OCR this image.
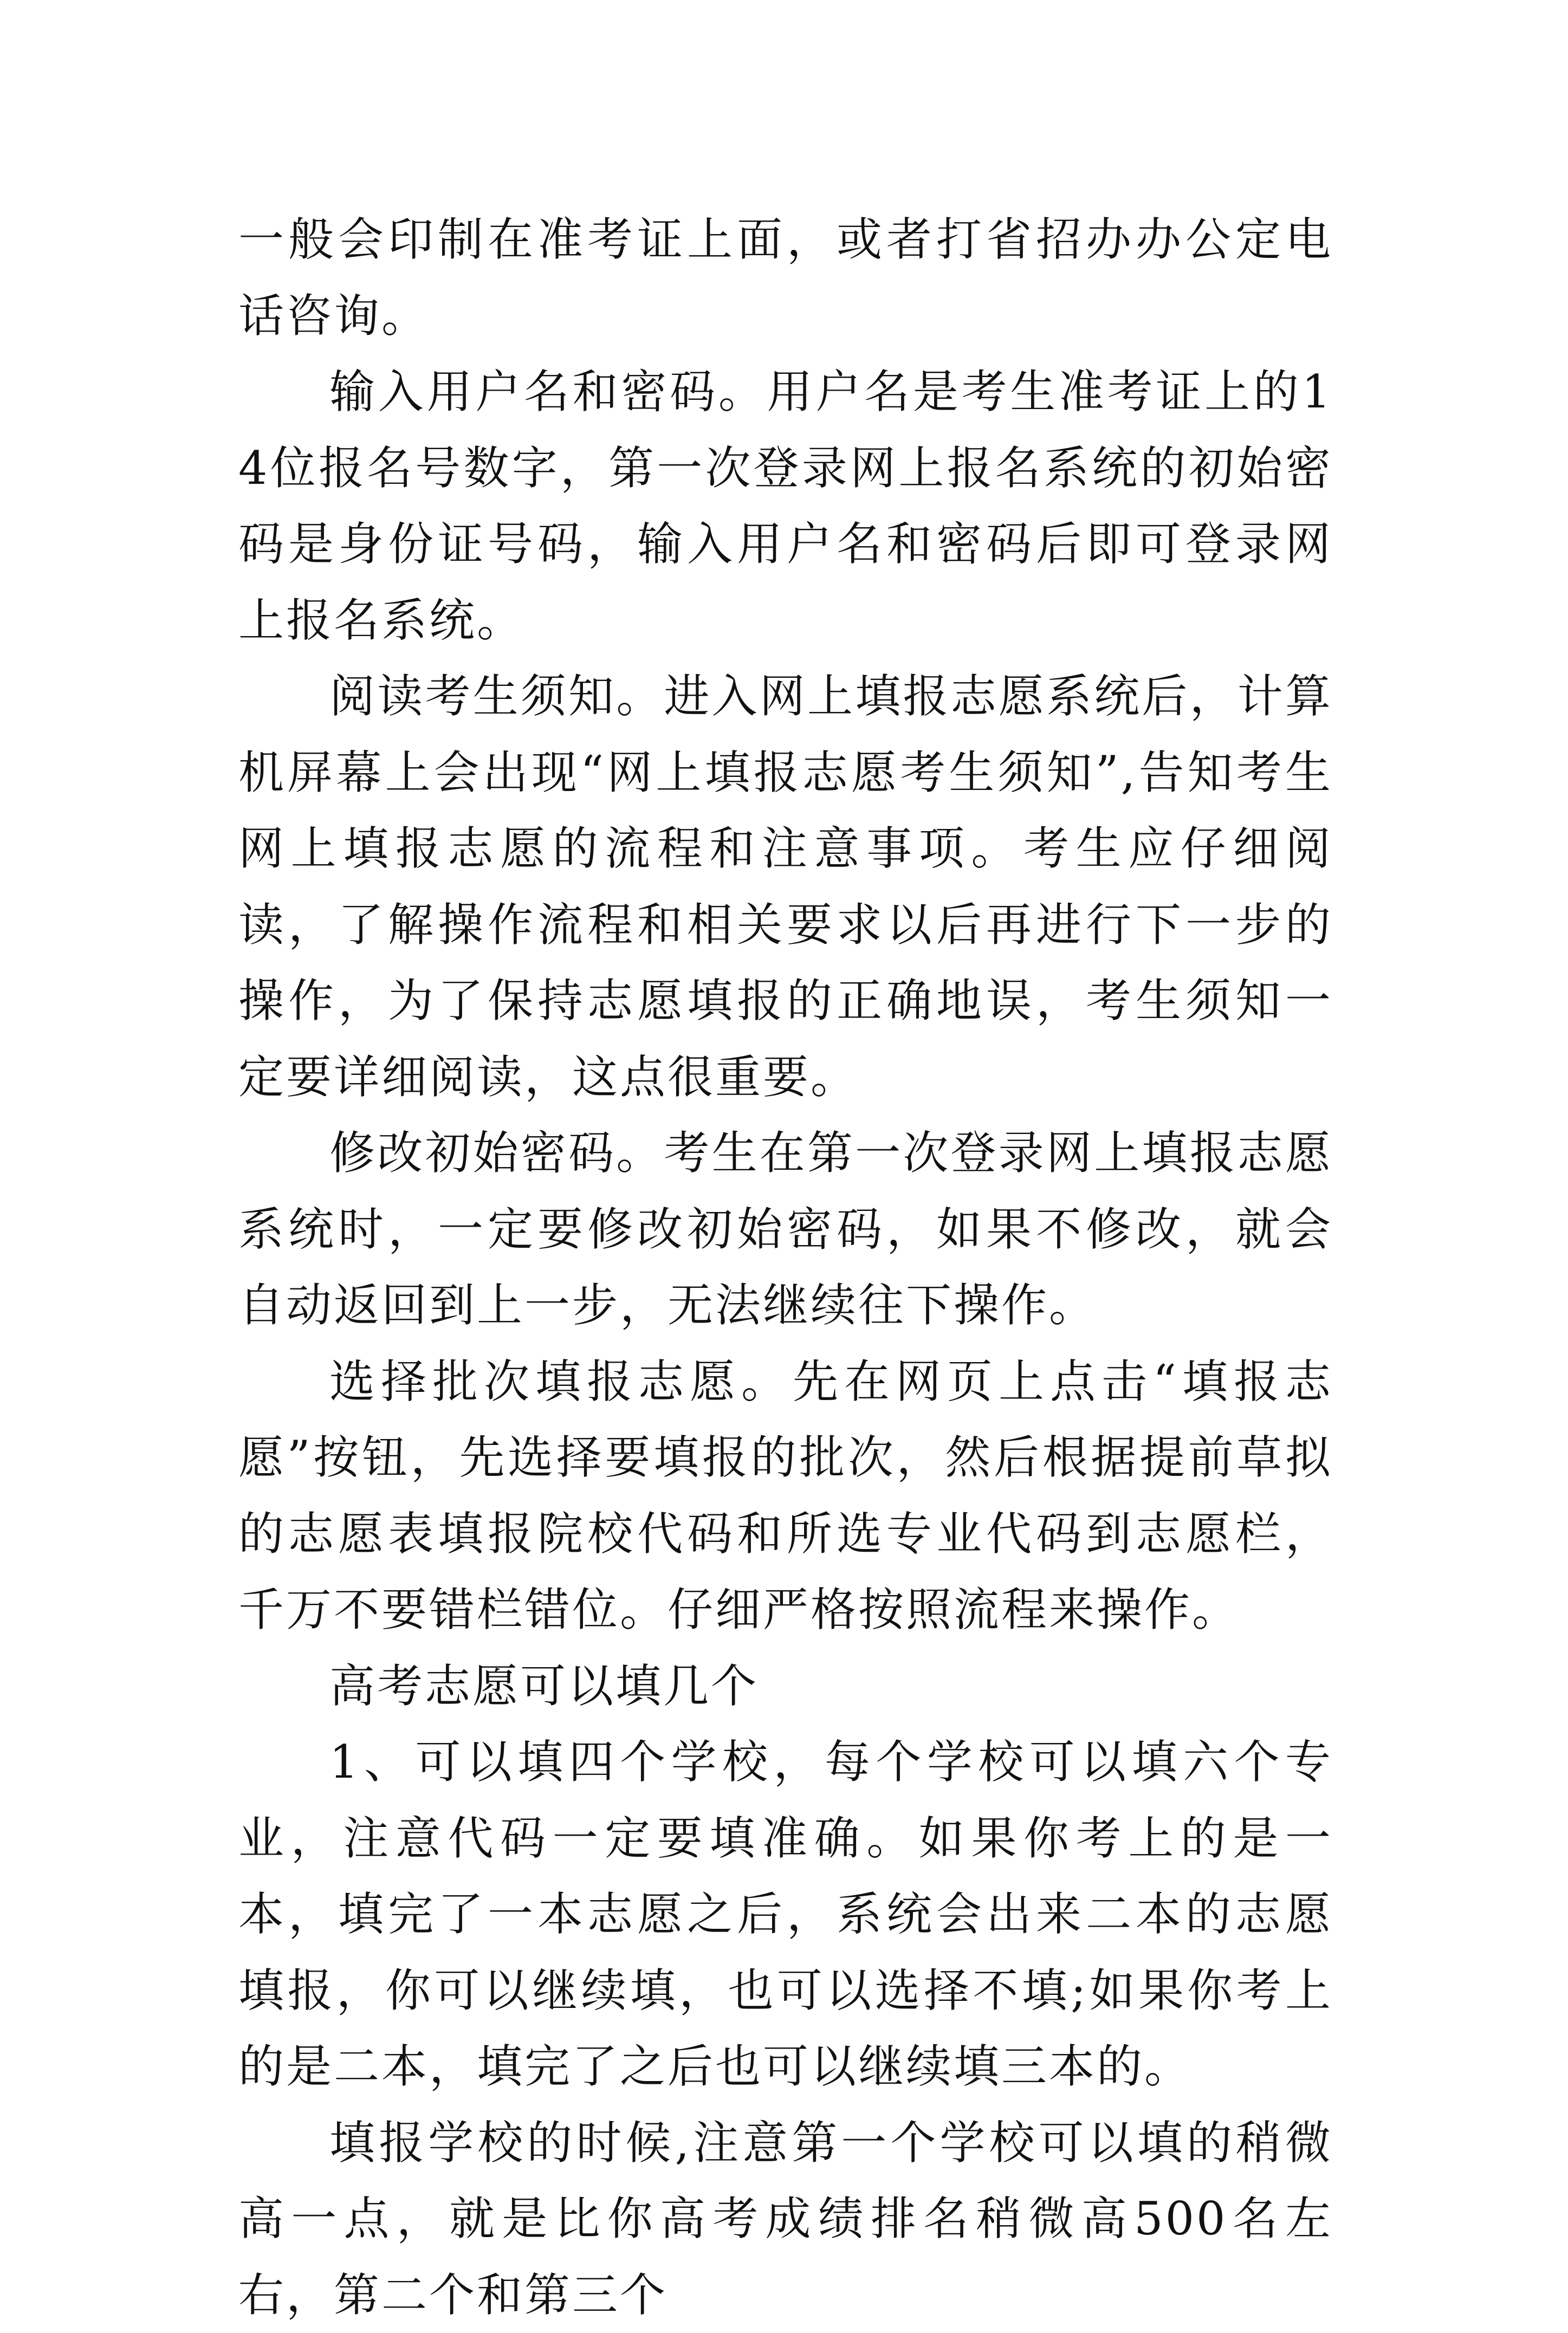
一般会印制在准考证上面，或者打省招办办公定电话咨询。

输入用户名和密码。用户名是考生准考证上的14位报名号数字，第一次登录网上报名系统的初始密码是身份证号码，输入用户名和密码后即可登录网上报名系统。

阅读考生须知。进入网上填报志愿系统后，计算机屏幕上会出现“网上填报志愿考生须知”,告知考生网上填报志愿的流程和注意事项。考生应仔细阅读，了解操作流程和相关要求以后再进行下一步的操作，为了保持志愿填报的正确地误，考生须知一定要详细阅读，这点很重要。

修改初始密码。考生在第一次登录网上填报志愿系统时，一定要修改初始密码，如果不修改，就会自动返回到上一步，无法继续往下操作。

选择批次填报志愿。先在网页上点击“填报志愿”按钮，先选择要填报的批次，然后根据提前草拟的志愿表填报院校代码和所选专业代码到志愿栏，千万不要错栏错位。仔细严格按照流程来操作。

高考志愿可以填几个

1、可以填四个学校，每个学校可以填六个专业，注意代码一定要填准确。如果你考上的是一本，填完了一本志愿之后，系统会出来二本的志愿填报，你可以继续填，也可以选择不填;如果你考上的是二本，填完了之后也可以继续填三本的。

填报学校的时候,注意第一个学校可以填的稍微高一点，就是比你高考成绩排名稍微高500名左右，第二个和第三个
